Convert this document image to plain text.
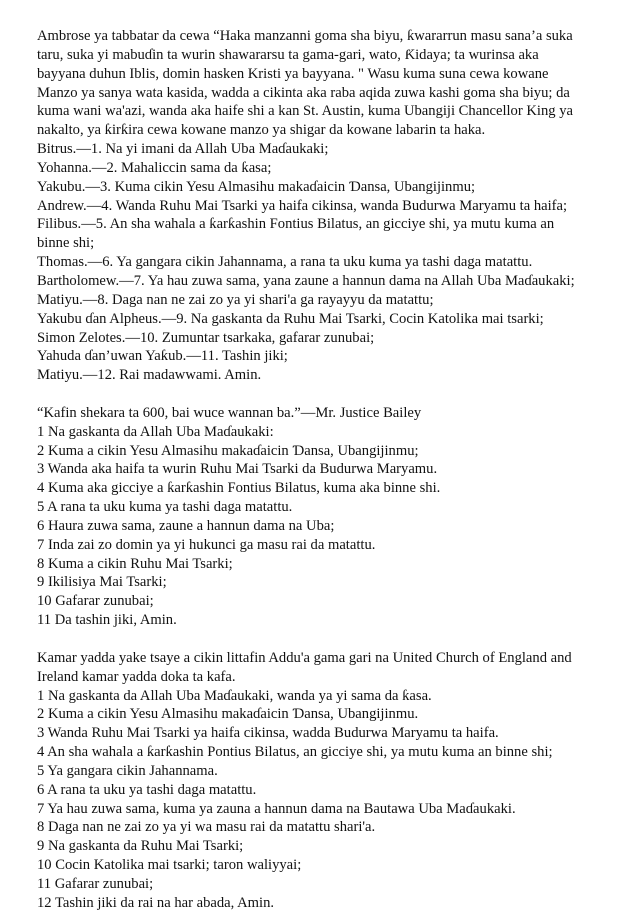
Ambrose ya tabbatar da cewa “Haka manzanni goma sha biyu, ƙwararrun masu sana’a suka
taru, suka yi mabuɗin ta wurin shawararsu ta gama-gari, wato, Ƙidaya; ta wurinsa aka
bayyana duhun Iblis, domin hasken Kristi ya bayyana. " Wasu kuma suna cewa kowane
Manzo ya sanya wata kasida, wadda a cikinta aka raba aqida zuwa kashi goma sha biyu; da
kuma wani wa'azi, wanda aka haife shi a kan St. Austin, kuma Ubangiji Chancellor King ya
nakalto, ya ƙirƙira cewa kowane manzo ya shigar da kowane labarin ta haka.
Bitrus.—1. Na yi imani da Allah Uba Maɗaukaki;
Yohanna.—2. Mahaliccin sama da ƙasa;
Yakubu.—3. Kuma cikin Yesu Almasihu makaɗaicin Ɗansa, Ubangijinmu;
Andrew.—4. Wanda Ruhu Mai Tsarki ya haifa cikinsa, wanda Budurwa Maryamu ta haifa;
Filibus.—5. An sha wahala a ƙarƙashin Fontius Bilatus, an gicciye shi, ya mutu kuma an
binne shi;
Thomas.—6. Ya gangara cikin Jahannama, a rana ta uku kuma ya tashi daga matattu.
Bartholomew.—7. Ya hau zuwa sama, yana zaune a hannun dama na Allah Uba Maɗaukaki;
Matiyu.—8. Daga nan ne zai zo ya yi shari'a ga rayayyu da matattu;
Yakubu ɗan Alpheus.—9. Na gaskanta da Ruhu Mai Tsarki, Cocin Katolika mai tsarki;
Simon Zelotes.—10. Zumuntar tsarkaka, gafarar zunubai;
Yahuda ɗan’uwan Yaƙub.—11. Tashin jiki;
Matiyu.—12. Rai madawwami. Amin.
“Kafin shekara ta 600, bai wuce wannan ba.”—Mr. Justice Bailey
1 Na gaskanta da Allah Uba Maɗaukaki:
2 Kuma a cikin Yesu Almasihu makaɗaicin Ɗansa, Ubangijinmu;
3 Wanda aka haifa ta wurin Ruhu Mai Tsarki da Budurwa Maryamu.
4 Kuma aka gicciye a ƙarƙashin Fontius Bilatus, kuma aka binne shi.
5 A rana ta uku kuma ya tashi daga matattu.
6 Haura zuwa sama, zaune a hannun dama na Uba;
7 Inda zai zo domin ya yi hukunci ga masu rai da matattu.
8 Kuma a cikin Ruhu Mai Tsarki;
9 Ikilisiya Mai Tsarki;
10 Gafarar zunubai;
11 Da tashin jiki, Amin.
Kamar yadda yake tsaye a cikin littafin Addu'a gama gari na United Church of England and
Ireland kamar yadda doka ta kafa.
1 Na gaskanta da Allah Uba Maɗaukaki, wanda ya yi sama da ƙasa.
2 Kuma a cikin Yesu Almasihu makaɗaicin Ɗansa, Ubangijinmu.
3 Wanda Ruhu Mai Tsarki ya haifa cikinsa, wadda Budurwa Maryamu ta haifa.
4 An sha wahala a ƙarƙashin Pontius Bilatus, an gicciye shi, ya mutu kuma an binne shi;
5 Ya gangara cikin Jahannama.
6 A rana ta uku ya tashi daga matattu.
7 Ya hau zuwa sama, kuma ya zauna a hannun dama na Bautawa Uba Maɗaukaki.
8 Daga nan ne zai zo ya yi wa masu rai da matattu shari'a.
9 Na gaskanta da Ruhu Mai Tsarki;
10 Cocin Katolika mai tsarki; taron waliyyai;
11 Gafarar zunubai;
12 Tashin jiki da rai na har abada, Amin.
